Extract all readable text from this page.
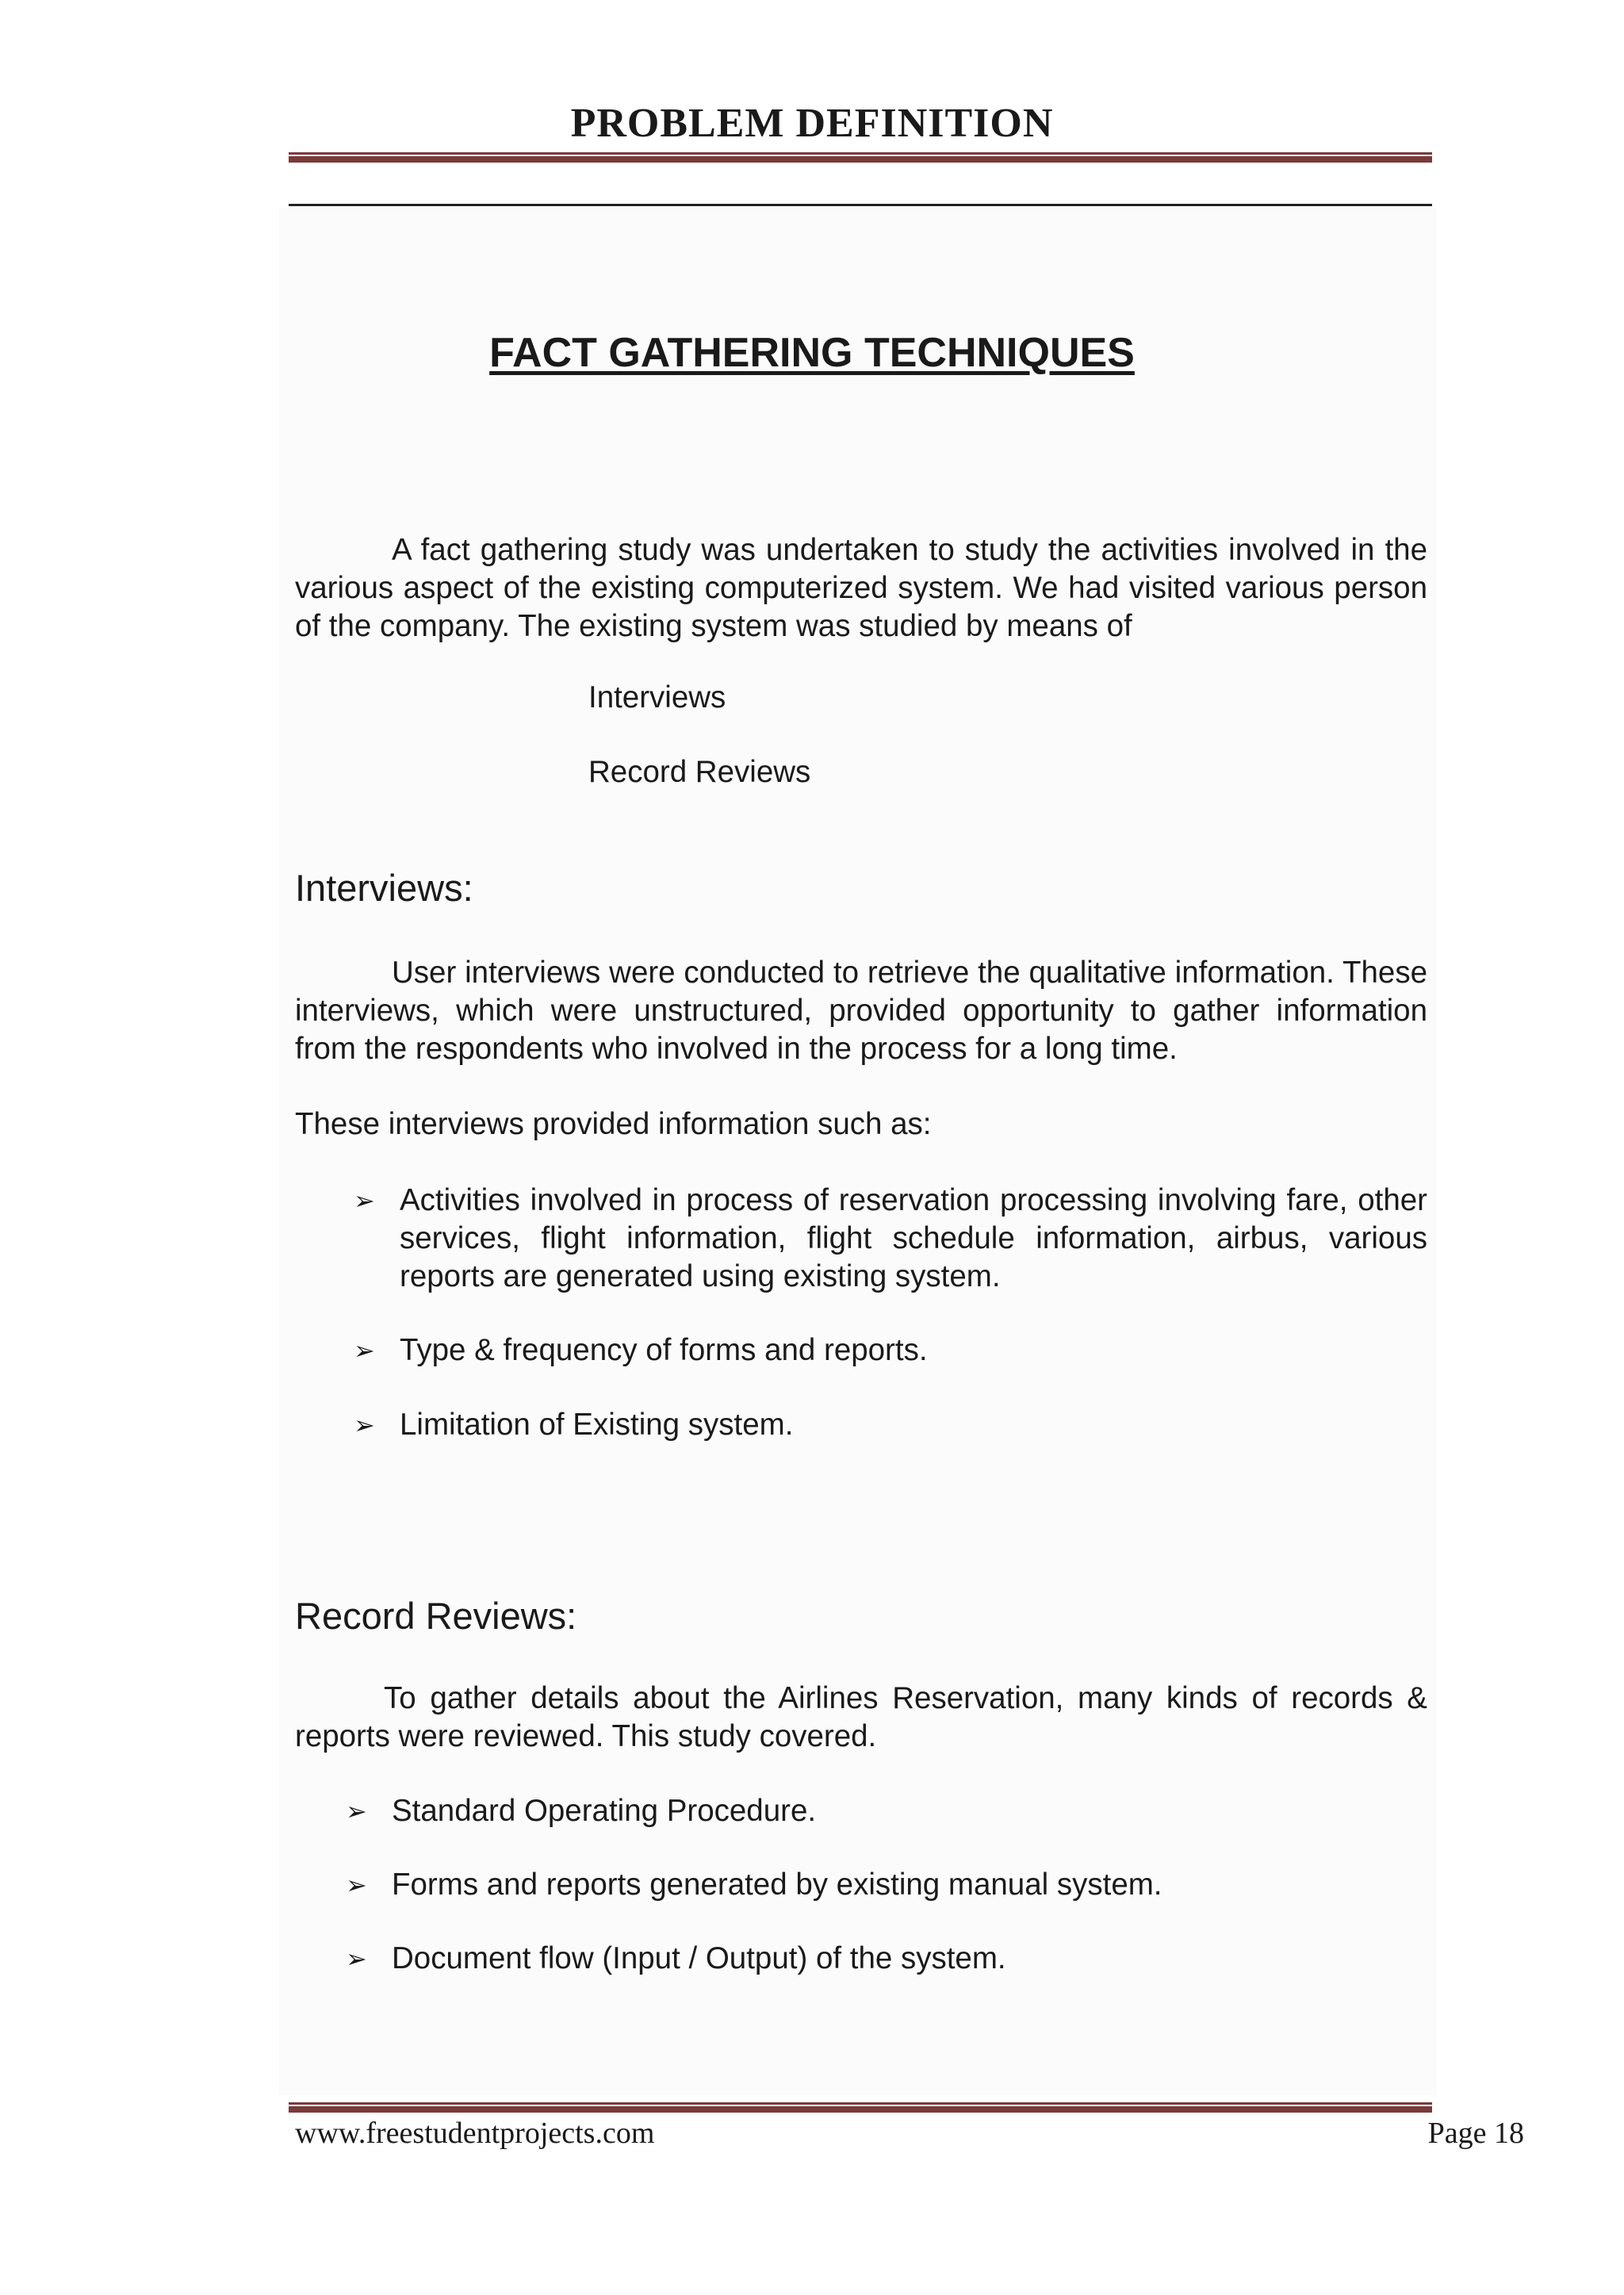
PROBLEM DEFINITION
FACT GATHERING TECHNIQUES

A fact gathering study was undertaken to study the activities involved in the various aspect of the existing computerized system. We had visited various person of the company. The existing system was studied by means of

Interviews

Record Reviews

Interviews:

User interviews were conducted to retrieve the qualitative information. These interviews, which were unstructured, provided opportunity to gather information from the respondents who involved in the process for a long time.

These interviews provided information such as:

➢ Activities involved in process of reservation processing involving fare, other services, flight information, flight schedule information, airbus, various reports are generated using existing system.

➢ Type & frequency of forms and reports.

➢ Limitation of Existing system.

Record Reviews:

To gather details about the Airlines Reservation, many kinds of records & reports were reviewed. This study covered.

➢ Standard Operating Procedure.

➢ Forms and reports generated by existing manual system.

➢ Document flow (Input / Output) of the system.

www.freestudentprojects.com	Page 18
